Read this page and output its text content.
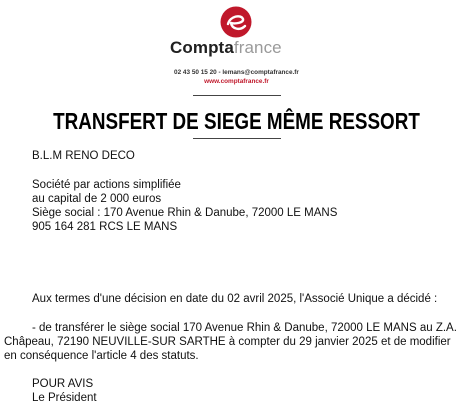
Comptafrance
02 43 50 15 20 - lemans@comptafrance.fr
www.comptafrance.fr
TRANSFERT DE SIEGE MÊME RESSORT
B.L.M RENO DECO
Société par actions simplifiée
au capital de 2 000 euros
Siège social : 170 Avenue Rhin & Danube, 72000 LE MANS
905 164 281 RCS LE MANS
Aux termes d'une décision en date du 02 avril 2025, l'Associé Unique a décidé :
- de transférer le siège social 170 Avenue Rhin & Danube, 72000 LE MANS au Z.A.
Châpeau, 72190 NEUVILLE-SUR SARTHE à compter du 29 janvier 2025 et de modifier
en conséquence l'article 4 des statuts.
POUR AVIS
Le Président
